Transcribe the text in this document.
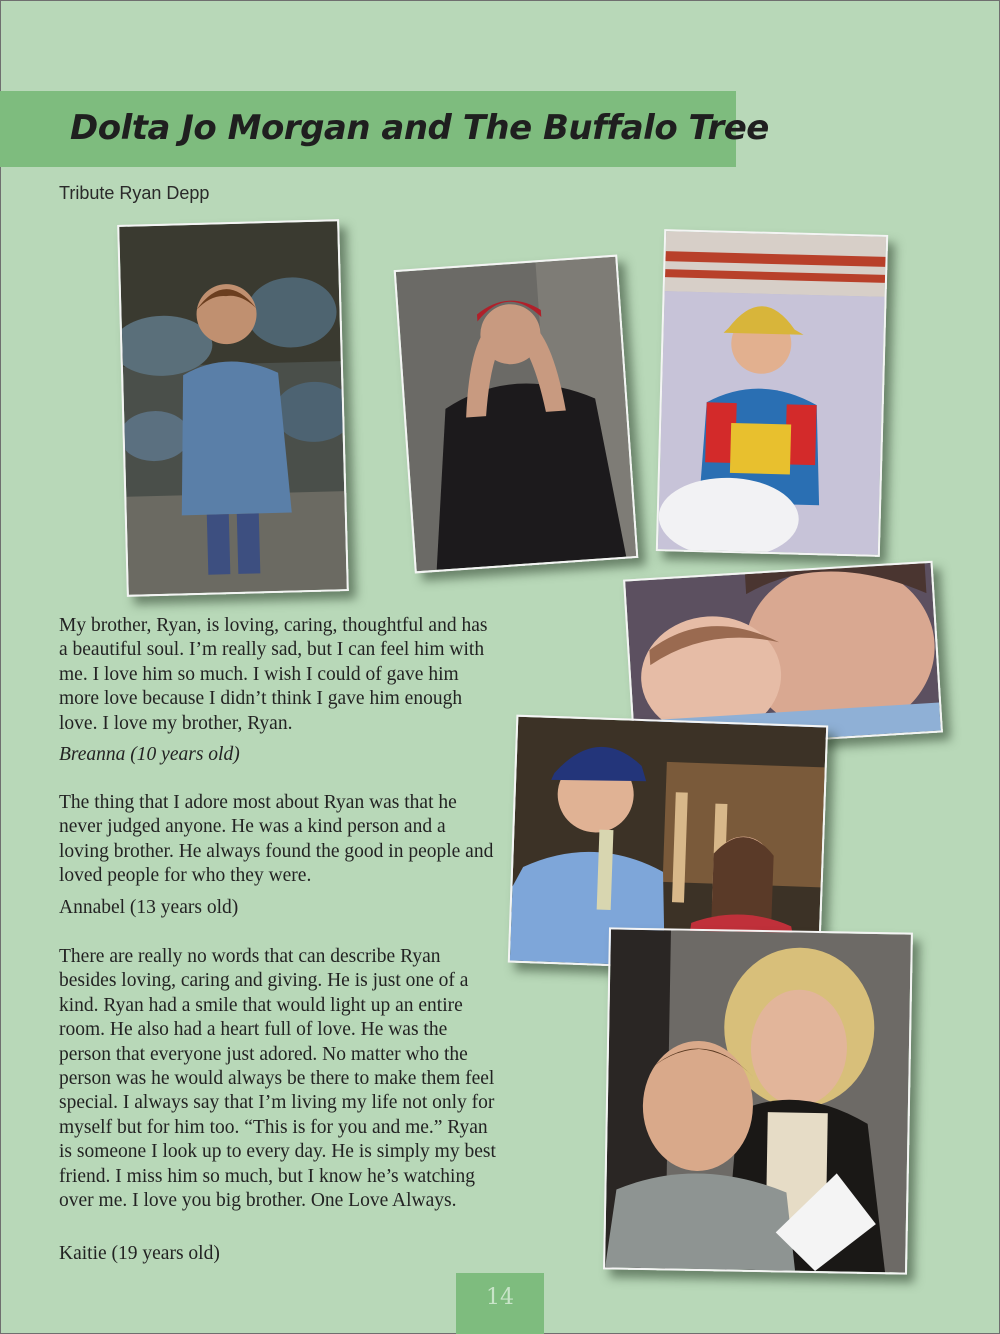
Dolta Jo Morgan and The Buffalo Tree
Tribute Ryan Depp
My brother, Ryan, is loving, caring, thoughtful and has a beautiful soul. I’m really sad, but I can feel him with me. I love him so much. I wish I could of gave him more love because I didn’t think I gave him enough love. I love my brother, Ryan.
Breanna (10 years old)
The thing that I adore most about Ryan was that he never judged anyone. He was a kind person and a loving brother. He always found the good in people and loved people for who they were.
Annabel (13 years old)
There are really no words that can describe Ryan besides loving, caring and giving. He is just one of a kind. Ryan had a smile that would light up an entire room. He also had a heart full of love. He was the person that everyone just adored. No matter who the person was he would always be there to make them feel special. I always say that I’m living my life not only for myself but for him too. “This is for you and me.” Ryan is someone I look up to every day. He is simply my best friend. I miss him so much, but I know he’s watching over me. I love you big brother. One Love Always.
Kaitie (19 years old)
14
